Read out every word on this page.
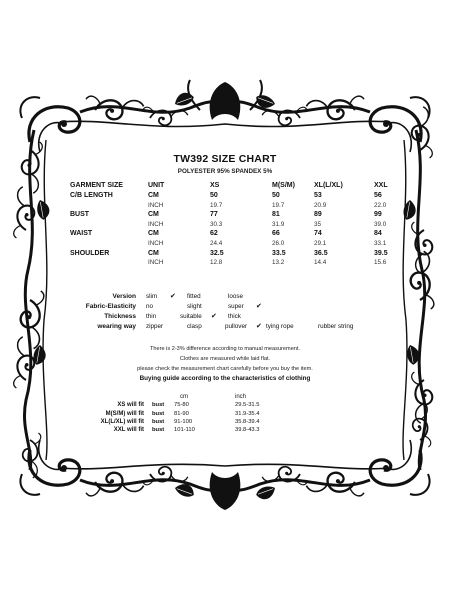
TW392 SIZE CHART
POLYESTER 95% SPANDEX 5%
GARMENT SIZE	UNIT	XS	M(S/M)	XL(L/XL)	XXL
C/B LENGTH	CM	50	50	53	56
	INCH	19.7	19.7	20.9	22.0
BUST	CM	77	81	89	99
	INCH	30.3	31.9	35	39.0
WAIST	CM	62	66	74	84
	INCH	24.4	26.0	29.1	33.1
SHOULDER	CM	32.5	33.5	36.5	39.5
	INCH	12.8	13.2	14.4	15.6
Version slim ✔ fitted	loose
Fabric-Elasticity no	slight	super ✔
Thickness thin	suitable ✔ thick
wearing way zipper	clasp	pullover ✔ tying rope	rubber string
There is 2-3% difference according to manual measurement.
Clothes are measured while laid flat.
please check the measurement chart carefully before you buy the item.
Buying guide according to the characteristics of clothing
		cm	inch
XS will fit	bust	75-80	29.5-31.5
M(S/M) will fit	bust	81-90	31.9-35.4
XL(L/XL) will fit	bust	91-100	35.8-39.4
XXL will fit	bust	101-110	39.8-43.3
